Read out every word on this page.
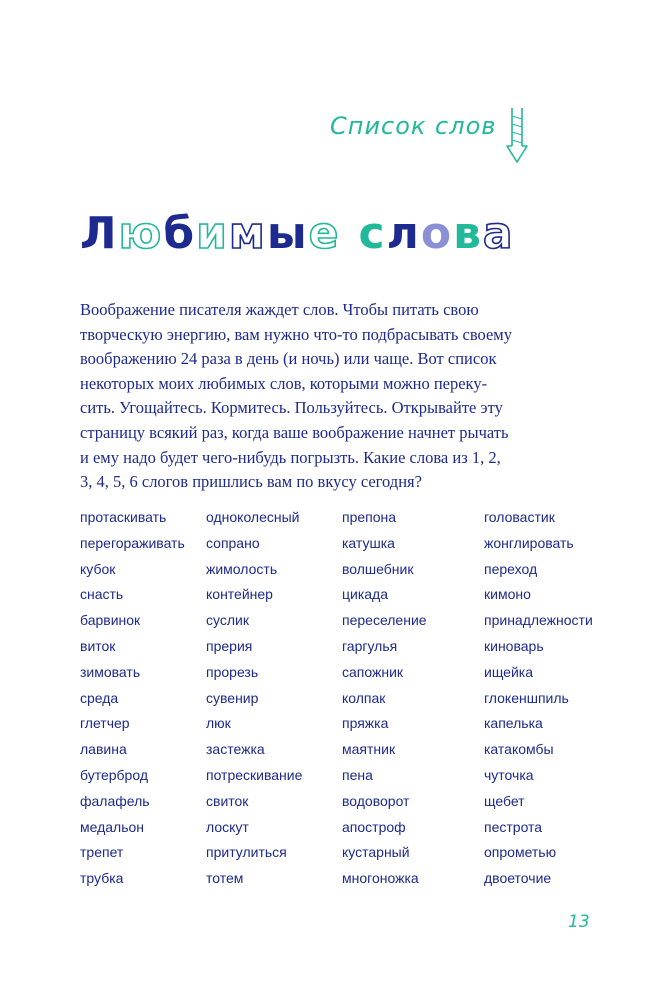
Список слов
Любимые слова

Воображение писателя жаждет слов. Чтобы питать свою
творческую энергию, вам нужно что-то подбрасывать своему
воображению 24 раза в день (и ночь) или чаще. Вот список
некоторых моих любимых слов, которыми можно переку-
сить. Угощайтесь. Кормитесь. Пользуйтесь. Открывайте эту
страницу всякий раз, когда ваше воображение начнет рычать
и ему надо будет чего-нибудь погрызть. Какие слова из 1, 2,
3, 4, 5, 6 слогов пришлись вам по вкусу сегодня?

протаскивать
перегораживать
кубок
снасть
барвинок
виток
зимовать
среда
глетчер
лавина
бутерброд
фалафель
медальон
трепет
трубка
одноколесный
сопрано
жимолость
контейнер
суслик
прерия
прорезь
сувенир
люк
застежка
потрескивание
свиток
лоскут
притулиться
тотем
препона
катушка
волшебник
цикада
переселение
гаргулья
сапожник
колпак
пряжка
маятник
пена
водоворот
апостроф
кустарный
многоножка
головастик
жонглировать
переход
кимоно
принадлежности
киноварь
ищейка
глокеншпиль
капелька
катакомбы
чуточка
щебет
пестрота
опрометью
двоеточие
13
